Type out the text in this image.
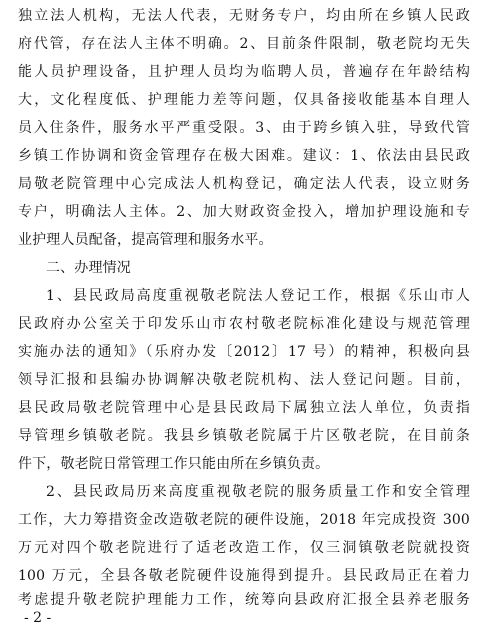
独立法人机构，无法人代表，无财务专户，均由所在乡镇人民政
府代管，存在法人主体不明确。2、目前条件限制，敬老院均无失
能人员护理设备，且护理人员均为临聘人员，普遍存在年龄结构
大，文化程度低、护理能力差等问题，仅具备接收能基本自理人
员入住条件，服务水平严重受限。3、由于跨乡镇入驻，导致代管
乡镇工作协调和资金管理存在极大困难。建议：1、依法由县民政
局敬老院管理中心完成法人机构登记，确定法人代表，设立财务
专户，明确法人主体。2、加大财政资金投入，增加护理设施和专
业护理人员配备，提高管理和服务水平。
二、办理情况
1、县民政局高度重视敬老院法人登记工作，根据《乐山市人
民政府办公室关于印发乐山市农村敬老院标准化建设与规范管理
实施办法的通知》（乐府办发〔2012〕17 号）的精神，积极向县
领导汇报和县编办协调解决敬老院机构、法人登记问题。目前，
县民政局敬老院管理中心是县民政局下属独立法人单位，负责指
导管理乡镇敬老院。我县乡镇敬老院属于片区敬老院，在目前条
件下，敬老院日常管理工作只能由所在乡镇负责。
2、县民政局历来高度重视敬老院的服务质量工作和安全管理
工作，大力筹措资金改造敬老院的硬件设施，2018 年完成投资 300
万元对四个敬老院进行了适老改造工作，仅三洞镇敬老院就投资
100 万元，全县各敬老院硬件设施得到提升。县民政局正在着力
考虑提升敬老院护理能力工作，统筹向县政府汇报全县养老服务
- 2 -
